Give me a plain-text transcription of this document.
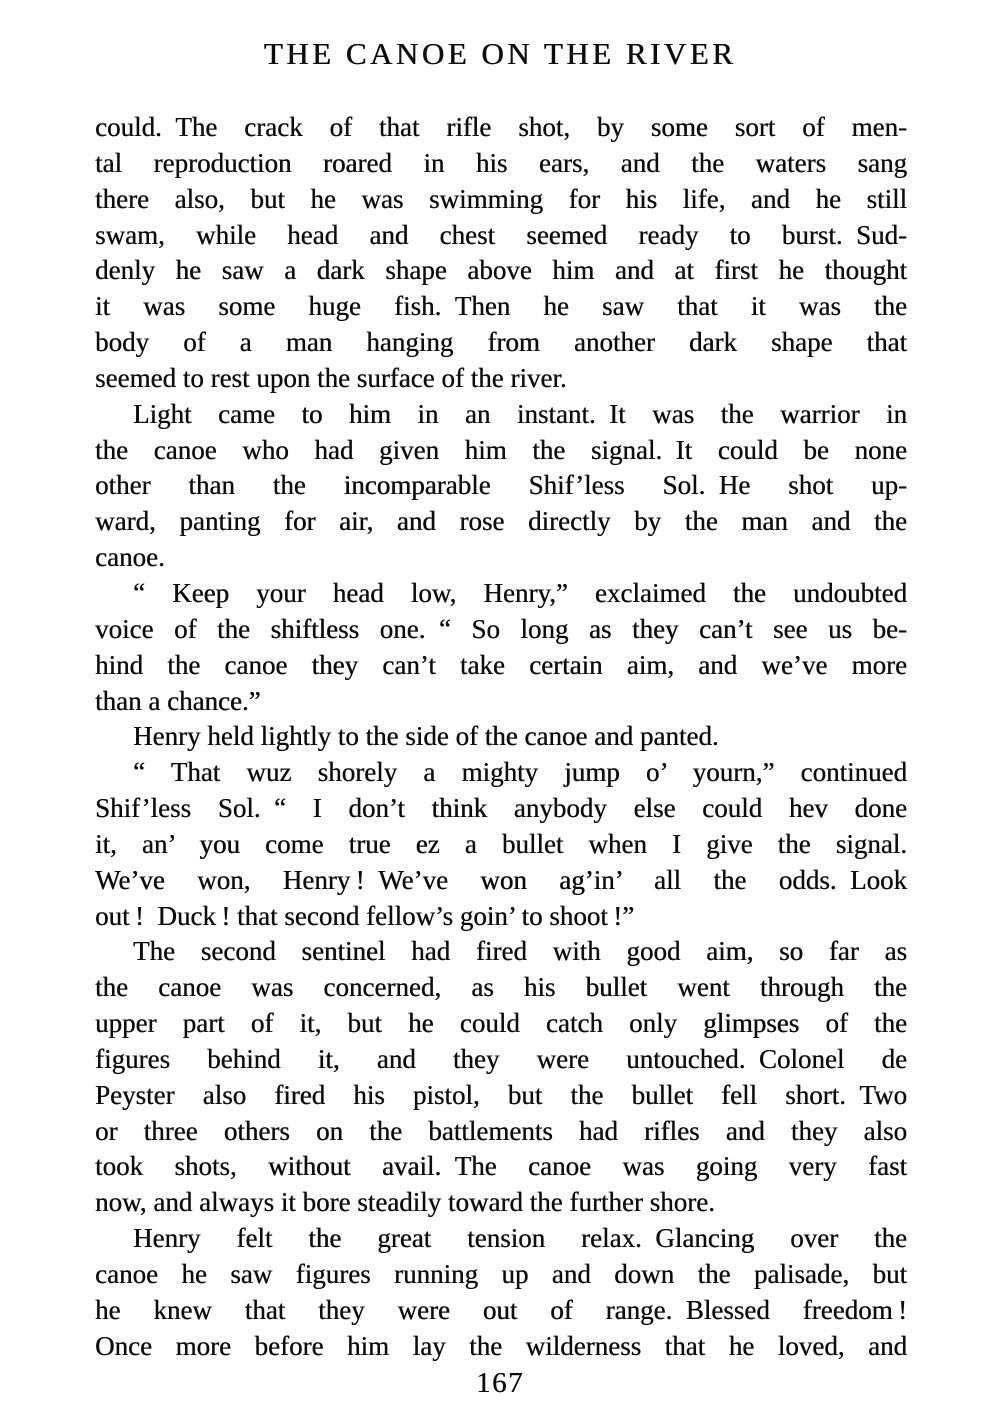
THE CANOE ON THE RIVER
could. The crack of that rifle shot, by some sort of men-
tal reproduction roared in his ears, and the waters sang
there also, but he was swimming for his life, and he still
swam, while head and chest seemed ready to burst. Sud-
denly he saw a dark shape above him and at first he thought
it was some huge fish. Then he saw that it was the
body of a man hanging from another dark shape that
seemed to rest upon the surface of the river.
Light came to him in an instant. It was the warrior in
the canoe who had given him the signal. It could be none
other than the incomparable Shif’less Sol. He shot up-
ward, panting for air, and rose directly by the man and the
canoe.
“ Keep your head low, Henry,” exclaimed the undoubted
voice of the shiftless one. “ So long as they can’t see us be-
hind the canoe they can’t take certain aim, and we’ve more
than a chance.”
Henry held lightly to the side of the canoe and panted.
“ That wuz shorely a mighty jump o’ yourn,” continued
Shif’less Sol. “ I don’t think anybody else could hev done
it, an’ you come true ez a bullet when I give the signal.
We’ve won, Henry ! We’ve won ag’in’ all the odds. Look
out ! Duck ! that second fellow’s goin’ to shoot !”
The second sentinel had fired with good aim, so far as
the canoe was concerned, as his bullet went through the
upper part of it, but he could catch only glimpses of the
figures behind it, and they were untouched. Colonel de
Peyster also fired his pistol, but the bullet fell short. Two
or three others on the battlements had rifles and they also
took shots, without avail. The canoe was going very fast
now, and always it bore steadily toward the further shore.
Henry felt the great tension relax. Glancing over the
canoe he saw figures running up and down the palisade, but
he knew that they were out of range. Blessed freedom !
Once more before him lay the wilderness that he loved, and
167
